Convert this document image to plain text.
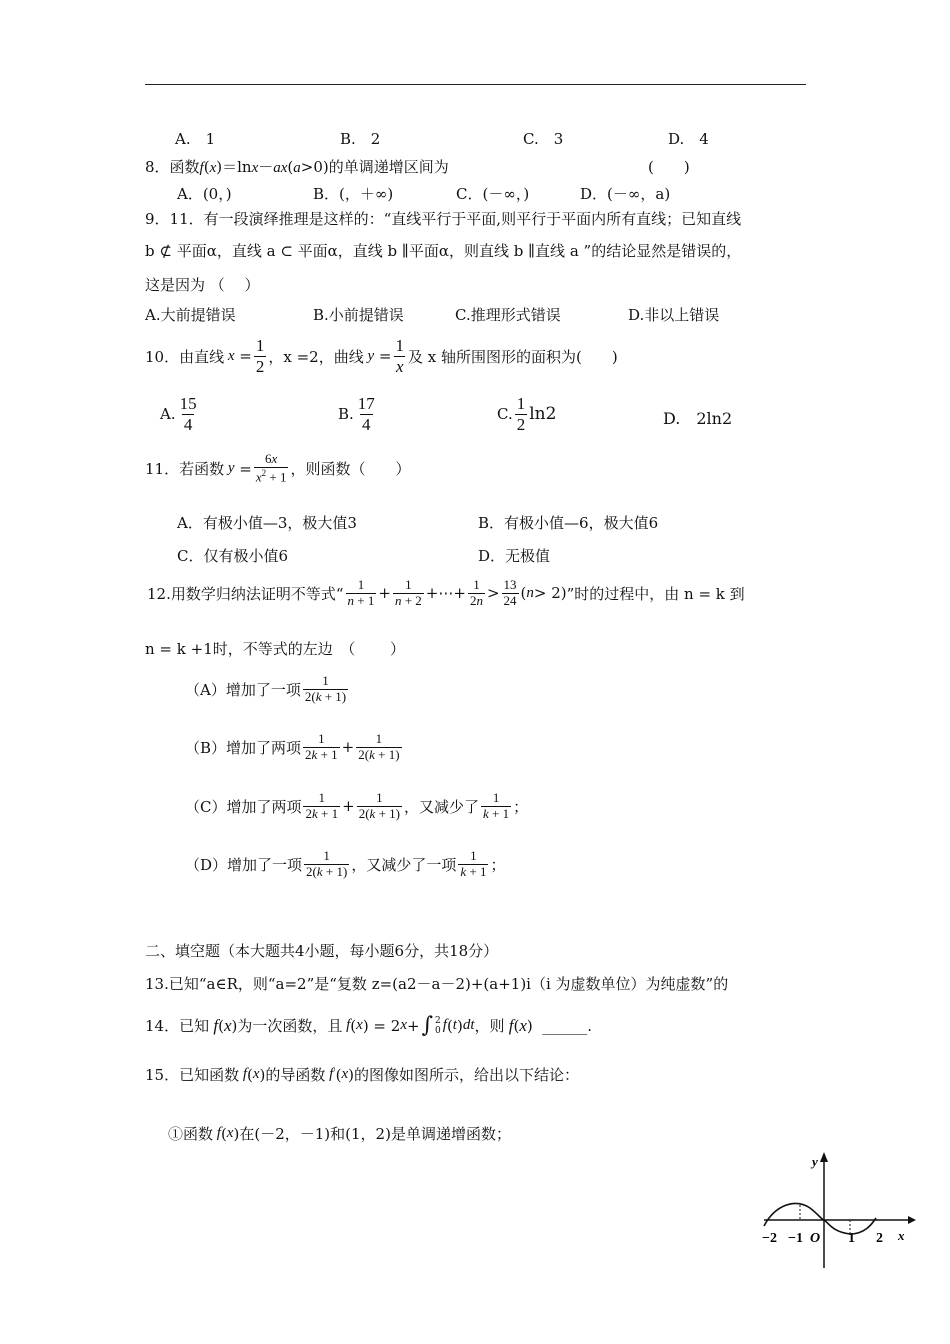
A.　1	B.　2	C.　3	D.　4
8．函数f(x)＝lnx－ax(a>0)的单调递增区间为	(　　)
A．(0，)	B．(，＋∞)	C．(－∞，)	D．(－∞，a)
9．11．有一段演绎推理是这样的：“直线平行于平面,则平行于平面内所有直线；已知直线
b ⊄ 平面α，直线 a ⊂ 平面α，直线 b ∥平面α，则直线 b ∥直线 a ”的结论显然是错误的，
这是因为 （　 ）
A.大前提错误	B.小前提错误	C.推理形式错误	D.非以上错误
10．由直线 $x = \frac{1}{2}$ ，x =2，曲线 $y = \frac{1}{x}$ 及 x 轴所围图形的面积为(　　)
A. $\frac{15}{4}$	B. $\frac{17}{4}$	C. $\frac{1}{2} \ln 2$	D.　2ln2
11．若函数 $y = \frac{6x}{x^2 + 1}$ ，则函数（　　）
A．有极小值—3，极大值3	B．有极小值—6，极大值6
C．仅有极小值6	D．无极值
12.用数学归纳法证明不等式“ $\frac{1}{n + 1} + \frac{1}{n + 2}$ +⋯+ $\frac{1}{2n} > \frac{13}{24}$ ( n > 2) ”时的过程中，由 n = k 到
n = k +1时，不等式的左边　（　　 ）
（A）增加了一项 $\frac{1}{2(k + 1)}$
（B）增加了两项 $\frac{1}{2k + 1} + \frac{1}{2(k + 1)}$
（C）增加了两项 $\frac{1}{2k + 1} + \frac{1}{2(k + 1)}$ ，又减少了 $\frac{1}{k + 1}$ ；
（D）增加了一项 $\frac{1}{2(k + 1)}$ ，又减少了一项 $\frac{1}{k + 1}$ ；
二、填空题（本大题共4小题，每小题6分，共18分）
13.已知“a∈R，则“a=2”是“复数 z=(a2－a－2)+(a+1)i（i 为虚数单位）为纯虚数”的
14．已知 f ( x ) 为一次函数，且 f ( x ) = 2 x + ∫ 2
0 f ( t ) dt ，则 f ( x ) ______.
15．已知函数 f ( x ) 的导函数 f ′ ( x ) 的图像如图所示，给出以下结论：
①函数 f ( x ) 在 (－2，－1)和(1，2) 是单调递增函数；
y
x
O
−2 −1	1 2
